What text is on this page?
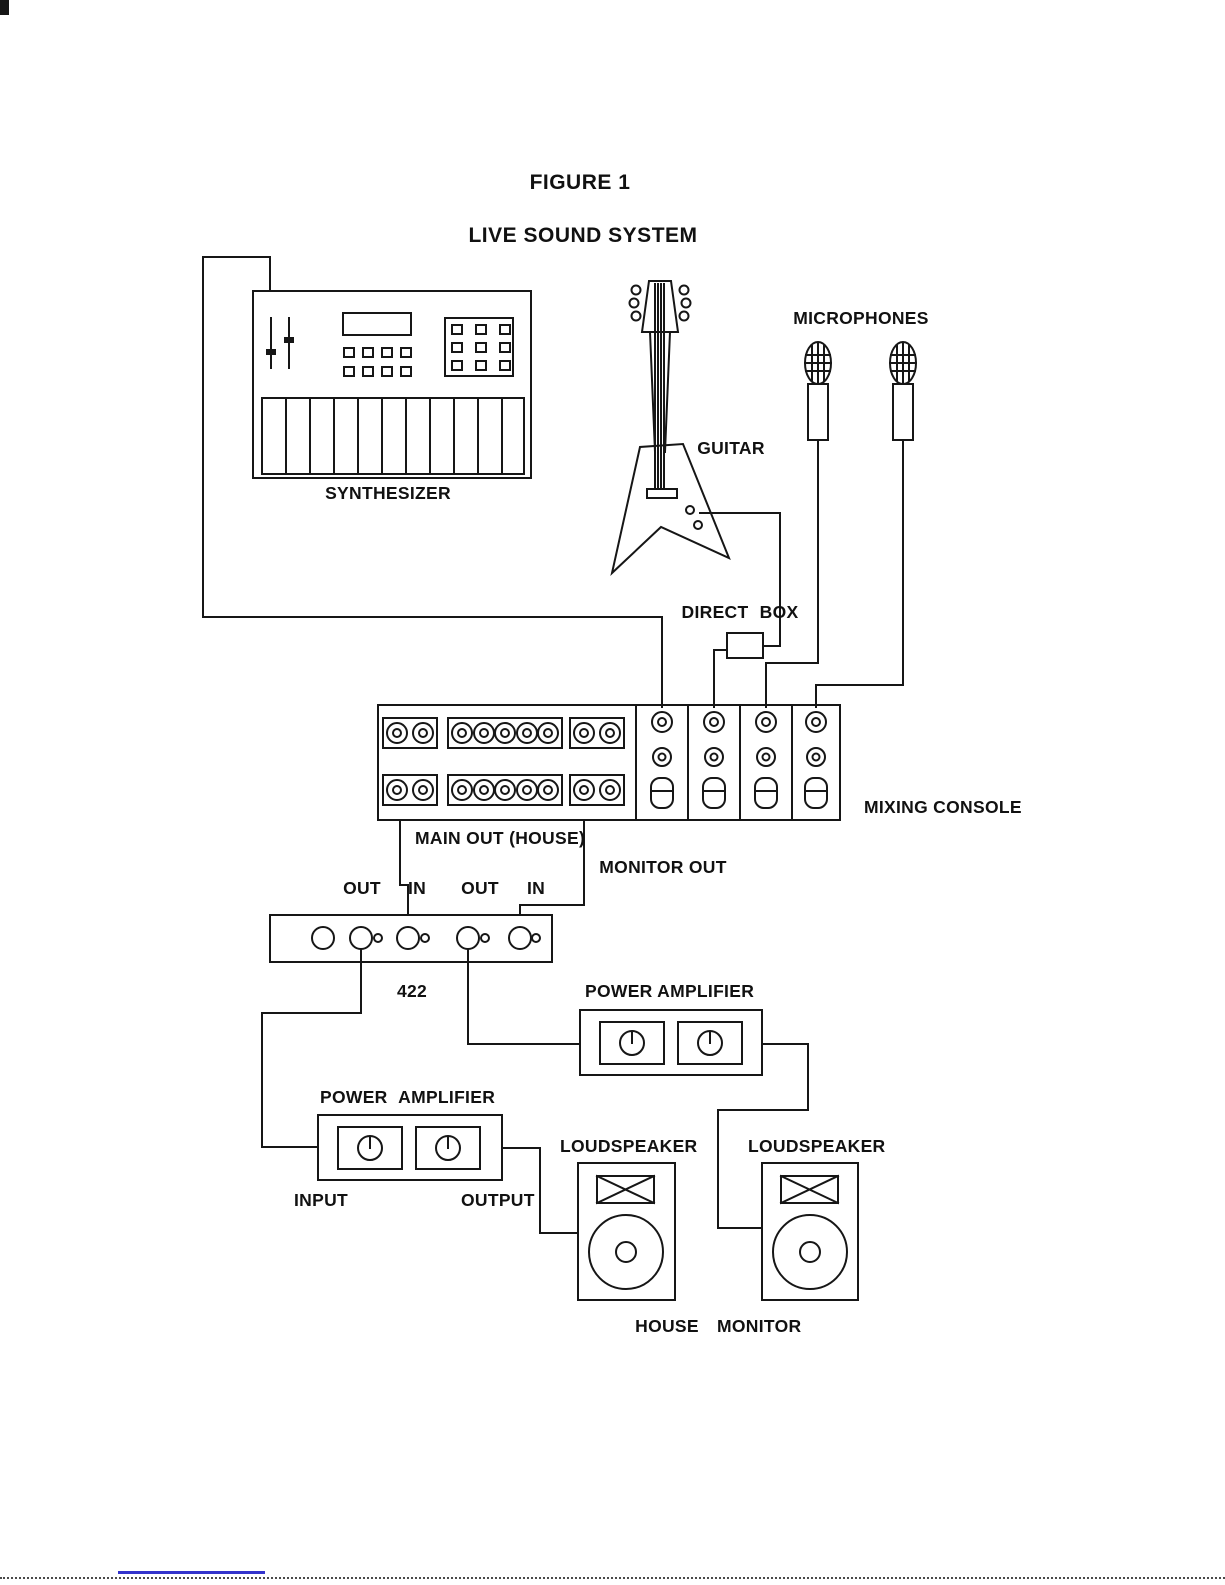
FIGURE 1
LIVE SOUND SYSTEM
SYNTHESIZER
GUITAR
MICROPHONES
DIRECT BOX
MIXING CONSOLE
MAIN OUT (HOUSE)
MONITOR OUT
OUT	IN	OUT	IN
422	POWER AMPLIFIER
POWER AMPLIFIER
LOUDSPEAKER	LOUDSPEAKER
INPUT	OUTPUT
HOUSE MONITOR
